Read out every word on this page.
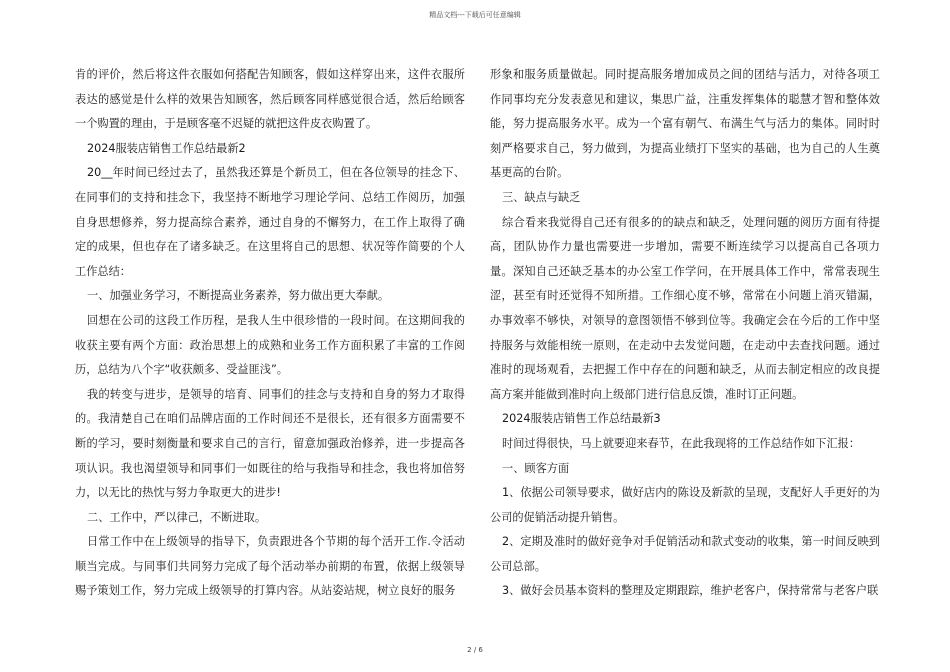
精品文档---下载后可任意编辑

肯的评价，然后将这件衣服如何搭配告知顾客，假如这样穿出来，这件衣服所表达的感觉是什么样的效果告知顾客，然后顾客同样感觉很合适，然后给顾客一个购置的理由，于是顾客毫不迟疑的就把这件皮衣购置了。

2024服装店销售工作总结最新2

20__年时间已经过去了，虽然我还算是个新员工，但在各位领导的挂念下、在同事们的支持和挂念下，我坚持不断地学习理论学问、总结工作阅历，加强自身思想修养，努力提高综合素养，通过自身的不懈努力，在工作上取得了确定的成果，但也存在了诸多缺乏。在这里将自己的思想、状况等作简要的个人工作总结：

一、加强业务学习，不断提高业务素养，努力做出更大奉献。

回想在公司的这段工作历程，是我人生中很珍惜的一段时间。在这期间我的收获主要有两个方面：政治思想上的成熟和业务工作方面积累了丰富的工作阅历，总结为八个字“收获颇多、受益匪浅”。

我的转变与进步，是领导的培育、同事们的挂念与支持和自身的努力才取得的。我清楚自己在咱们品牌店面的工作时间还不是很长，还有很多方面需要不断的学习，要时刻衡量和要求自己的言行，留意加强政治修养，进一步提高各项认识。我也渴望领导和同事们一如既往的给与我指导和挂念，我也将加倍努力，以无比的热忱与努力争取更大的进步!

二、工作中，严以律己，不断进取。

日常工作中在上级领导的指导下，负责跟进各个节期的每个活开工作.令活动顺当完成。与同事们共同努力完成了每个活动举办前期的布置，依据上级领导赐予策划工作，努力完成上级领导的打算内容。从站姿站规，树立良好的服务

形象和服务质量做起。同时提高服务增加成员之间的团结与活力，对待各项工作同事均充分发表意见和建议，集思广益，注重发挥集体的聪慧才智和整体效能，努力提高服务水平。成为一个富有朝气、布满生气与活力的集体。同时时刻严格要求自己，努力做到，为提高业绩打下坚实的基础，也为自己的人生奠基更高的台阶。

三、缺点与缺乏

综合看来我觉得自己还有很多的的缺点和缺乏，处理问题的阅历方面有待提高，团队协作力量也需要进一步增加，需要不断连续学习以提高自己各项力量。深知自己还缺乏基本的办公室工作学问，在开展具体工作中，常常表现生涩，甚至有时还觉得不知所措。工作细心度不够，常常在小问题上消灭错漏，办事效率不够快，对领导的意图领悟不够到位等。我确定会在今后的工作中坚持服务与效能相统一原则，在走动中去发觉问题，在走动中去查找问题。通过准时的现场观看，去把握工作中存在的问题和缺乏，从而去制定相应的改良提高方案并能做到准时向上级部门进行信息反馈，准时订正问题。

2024服装店销售工作总结最新3

时间过得很快，马上就要迎来春节，在此我现将的工作总结作如下汇报：

一、顾客方面

1、依据公司领导要求，做好店内的陈设及新款的呈现，支配好人手更好的为公司的促销活动提升销售。

2、定期及准时的做好竞争对手促销活动和款式变动的收集，第一时间反映到公司总部。

3、做好会员基本资料的整理及定期跟踪，维护老客户，保持常常与老客户联

2 / 6
